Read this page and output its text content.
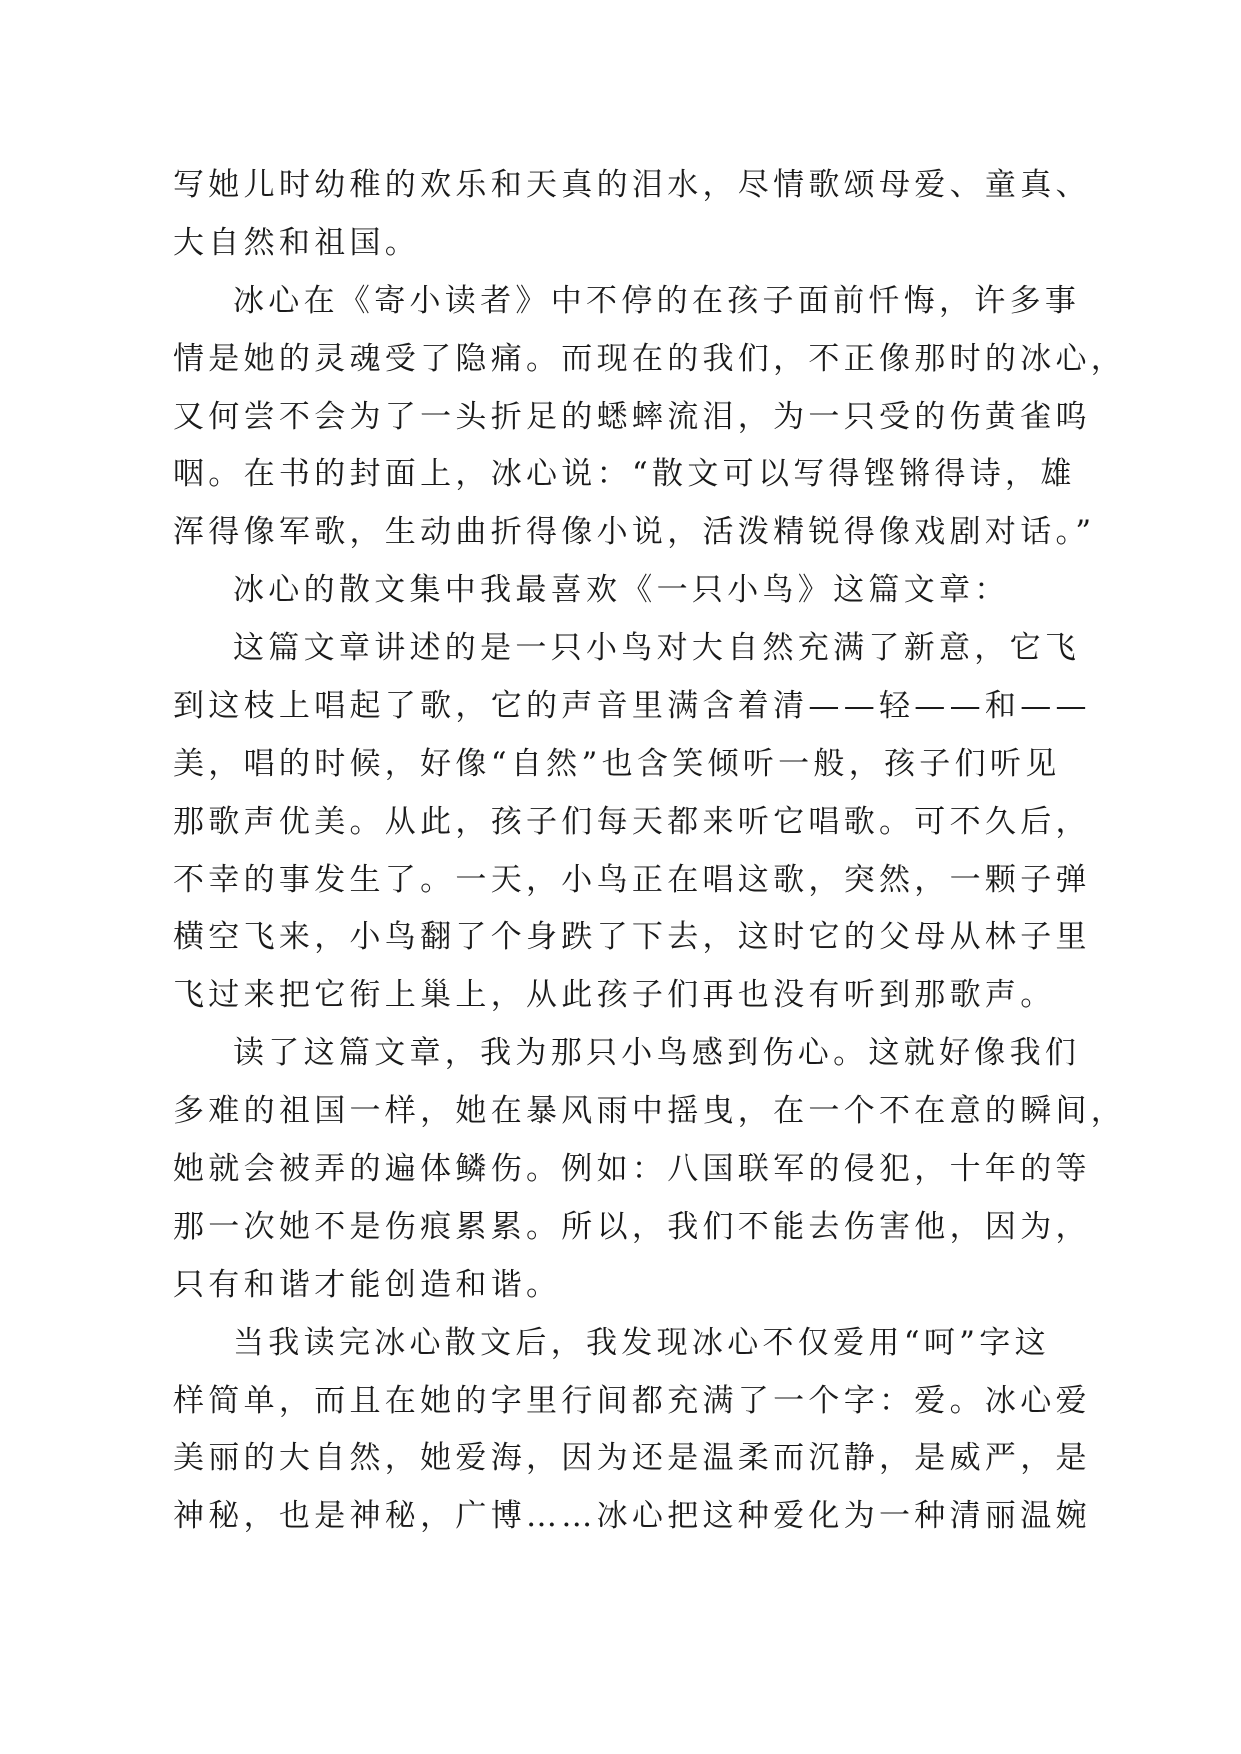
写她儿时幼稚的欢乐和天真的泪水，尽情歌颂母爱、童真、
大自然和祖国。
冰心在《寄小读者》中不停的在孩子面前忏悔，许多事
情是她的灵魂受了隐痛。而现在的我们，不正像那时的冰心，
又何尝不会为了一头折足的蟋蟀流泪，为一只受的伤黄雀呜
咽。在书的封面上，冰心说：“散文可以写得铿锵得诗，雄
浑得像军歌，生动曲折得像小说，活泼精锐得像戏剧对话。”
冰心的散文集中我最喜欢《一只小鸟》这篇文章：
这篇文章讲述的是一只小鸟对大自然充满了新意，它飞
到这枝上唱起了歌，它的声音里满含着清——轻——和——
美，唱的时候，好像“自然”也含笑倾听一般，孩子们听见
那歌声优美。从此，孩子们每天都来听它唱歌。可不久后，
不幸的事发生了。一天，小鸟正在唱这歌，突然，一颗子弹
横空飞来，小鸟翻了个身跌了下去，这时它的父母从林子里
飞过来把它衔上巢上，从此孩子们再也没有听到那歌声。
读了这篇文章，我为那只小鸟感到伤心。这就好像我们
多难的祖国一样，她在暴风雨中摇曳，在一个不在意的瞬间，
她就会被弄的遍体鳞伤。例如：八国联军的侵犯，十年的等
那一次她不是伤痕累累。所以，我们不能去伤害他，因为，
只有和谐才能创造和谐。
当我读完冰心散文后，我发现冰心不仅爱用“呵”字这
样简单，而且在她的字里行间都充满了一个字：爱。冰心爱
美丽的大自然，她爱海，因为还是温柔而沉静，是威严，是
神秘，也是神秘，广博……冰心把这种爱化为一种清丽温婉
